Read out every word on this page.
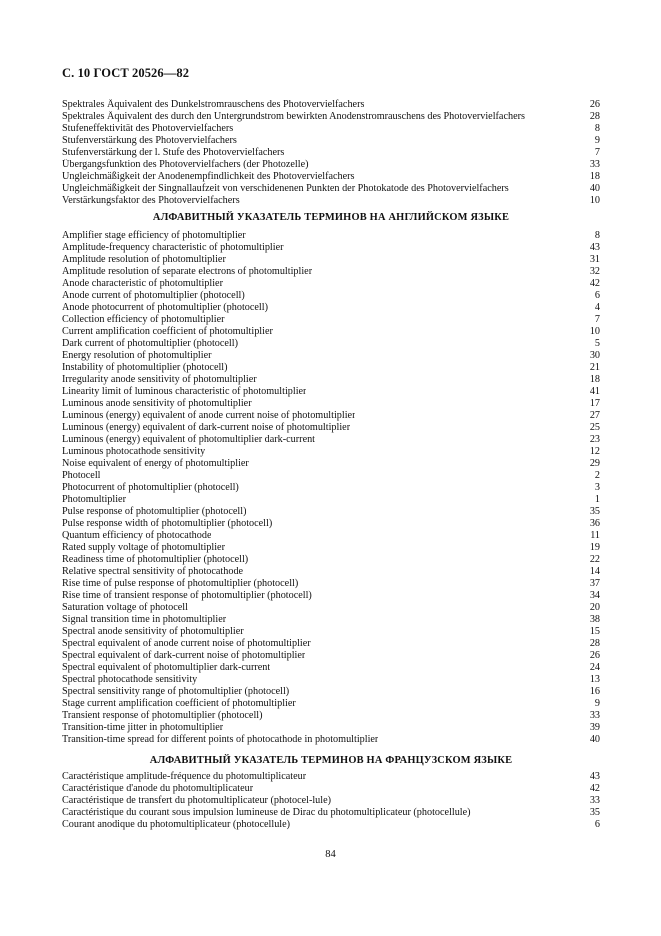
С. 10 ГОСТ 20526—82
Spektrales Äquivalent des Dunkelstromrauschens des Photovervielfachers	26
Spektrales Äquivalent des durch den Untergrundstrom bewirkten Anodenstromrauschens des Photovervielfachers	28
Stufeneffektivität des Photovervielfachers	8
Stufenverstärkung des Photovervielfachers	9
Stufenverstärkung der l. Stufe des Photovervielfachers	7
Übergangsfunktion des Photovervielfachers (der Photozelle)	33
Ungleichmäßigkeit der Anodenempfindlichkeit des Photovervielfachers	18
Ungleichmäßigkeit der Singnallaufzeit von verschidenenen Punkten der Photokatode des Photovervielfachers	40
Verstärkungsfaktor des Photovervielfachers	10
АЛФАВИТНЫЙ УКАЗАТЕЛЬ ТЕРМИНОВ НА АНГЛИЙСКОМ ЯЗЫКЕ
Amplifier stage efficiency of photomultiplier	8
Amplitude-frequency characteristic of photomultiplier	43
Amplitude resolution of photomultiplier	31
Amplitude resolution of separate electrons of photomultiplier	32
Anode characteristic of photomultiplier	42
Anode current of photomultiplier (photocell)	6
Anode photocurrent of photomultiplier (photocell)	4
Collection efficiency of photomultiplier	7
Current amplification coefficient of photomultiplier	10
Dark current of photomultiplier (photocell)	5
Energy resolution of photomultiplier	30
Instability of photomultiplier (photocell)	21
Irregularity anode sensitivity of photomultiplier	18
Linearity limit of luminous characteristic of photomultiplier	41
Luminous anode sensitivity of photomultiplier	17
Luminous (energy) equivalent of anode current noise of photomultiplier	27
Luminous (energy) equivalent of dark-current noise of photomultiplier	25
Luminous (energy) equivalent of photomultiplier dark-current	23
Luminous photocathode sensitivity	12
Noise equivalent of energy of photomultiplier	29
Photocell	2
Photocurrent of photomultiplier (photocell)	3
Photomultiplier	1
Pulse response of photomultiplier (photocell)	35
Pulse response width of photomultiplier (photocell)	36
Quantum efficiency of photocathode	11
Rated supply voltage of photomultiplier	19
Readiness time of photomultiplier (photocell)	22
Relative spectral sensitivity of photocathode	14
Rise time of pulse response of photomultiplier (photocell)	37
Rise time of transient response of photomultiplier (photocell)	34
Saturation voltage of photocell	20
Signal transition time in photomultiplier	38
Spectral anode sensitivity of photomultiplier	15
Spectral equivalent of anode current noise of photomultiplier	28
Spectral equivalent of dark-current noise of photomultiplier	26
Spectral equivalent of photomultiplier dark-current	24
Spectral photocathode sensitivity	13
Spectral sensitivity range of photomultiplier (photocell)	16
Stage current amplification coefficient of photomultiplier	9
Transient response of photomultiplier (photocell)	33
Transition-time jitter in photomultiplier	39
Transition-time spread for different points of photocathode in photomultiplier	40
АЛФАВИТНЫЙ УКАЗАТЕЛЬ ТЕРМИНОВ НА ФРАНЦУЗСКОМ ЯЗЫКЕ
Caractéristique amplitude-fréquence du photomultiplicateur	43
Caractéristique d'anode du photomultiplicateur	42
Caractéristique de transfert du photomultiplicateur (photocel-lule)	33
Caractéristique du courant sous impulsion lumineuse de Dirac du photomultiplicateur (photocellule)	35
Courant anodique du photomultiplicateur (photocellule)	6
84
